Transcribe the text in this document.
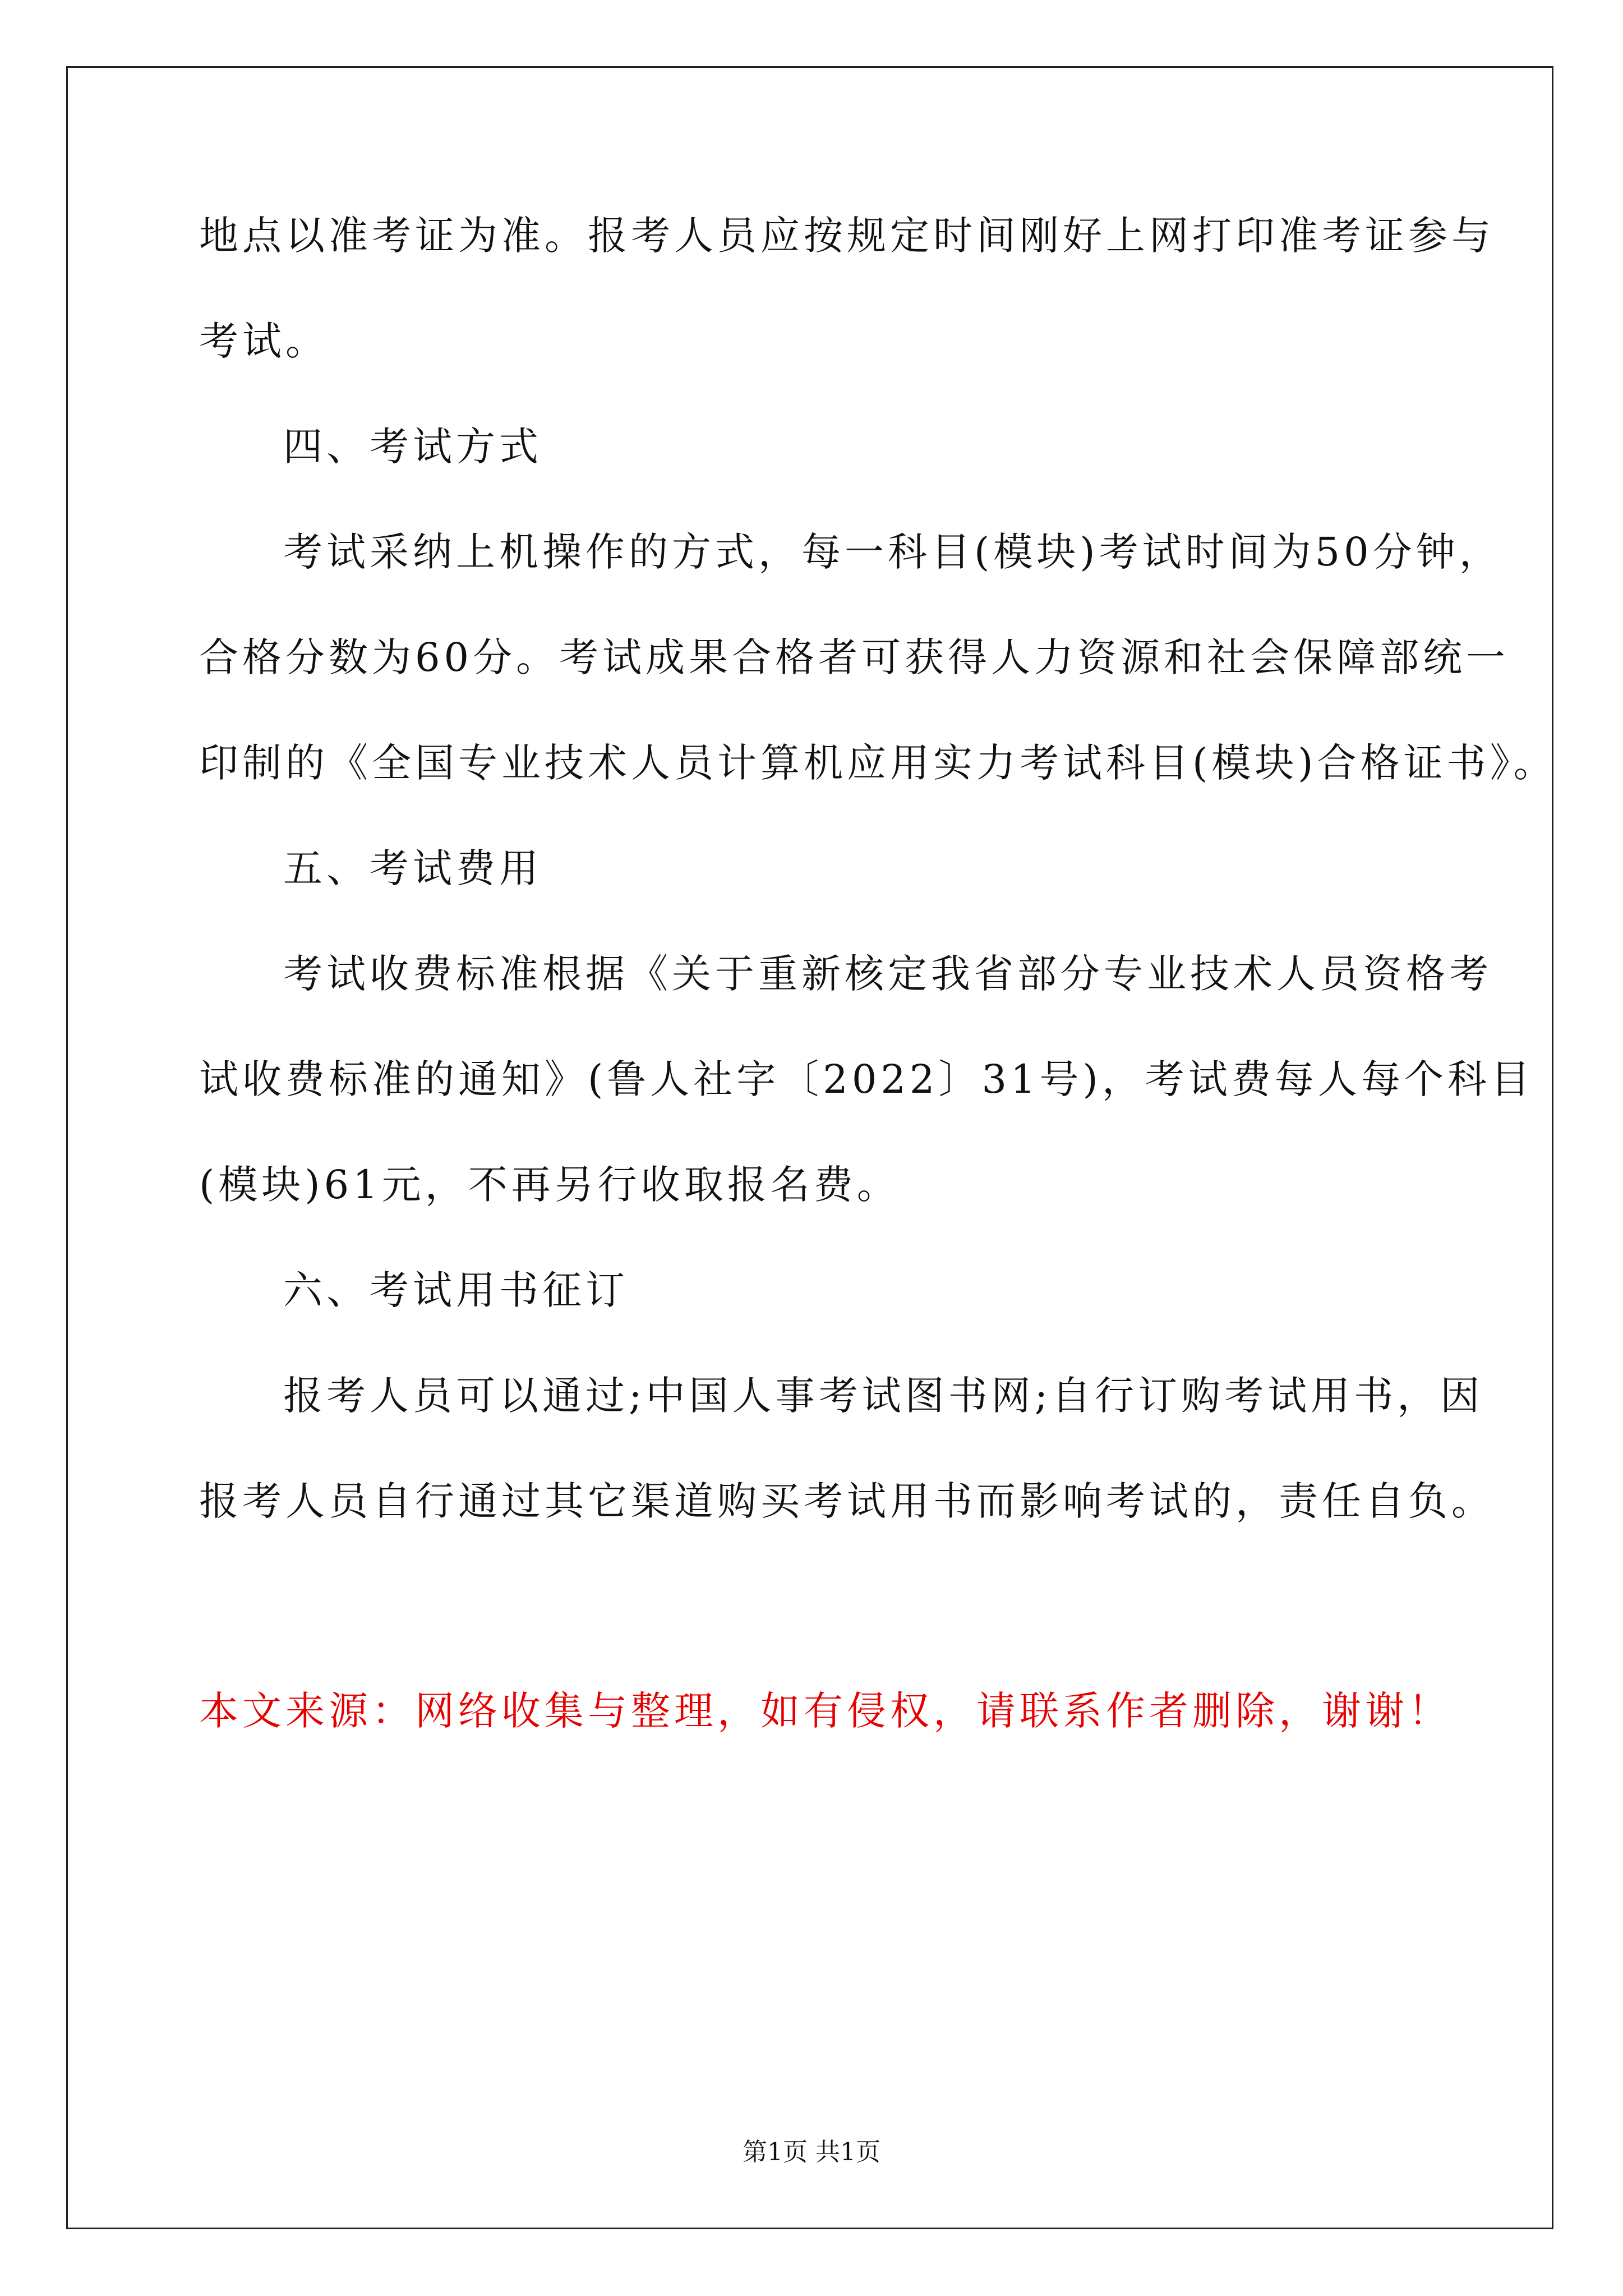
地点以准考证为准。报考人员应按规定时间刚好上网打印准考证参与
考试。
四、考试方式
考试采纳上机操作的方式，每一科目(模块)考试时间为50分钟，
合格分数为60分。考试成果合格者可获得人力资源和社会保障部统一
印制的《全国专业技术人员计算机应用实力考试科目(模块)合格证书》。
五、考试费用
考试收费标准根据《关于重新核定我省部分专业技术人员资格考
试收费标准的通知》(鲁人社字〔2022〕31号)，考试费每人每个科目
(模块)61元，不再另行收取报名费。
六、考试用书征订
报考人员可以通过;中国人事考试图书网;自行订购考试用书，因
报考人员自行通过其它渠道购买考试用书而影响考试的，责任自负。
本文来源：网络收集与整理，如有侵权，请联系作者删除，谢谢！
第1页 共1页
